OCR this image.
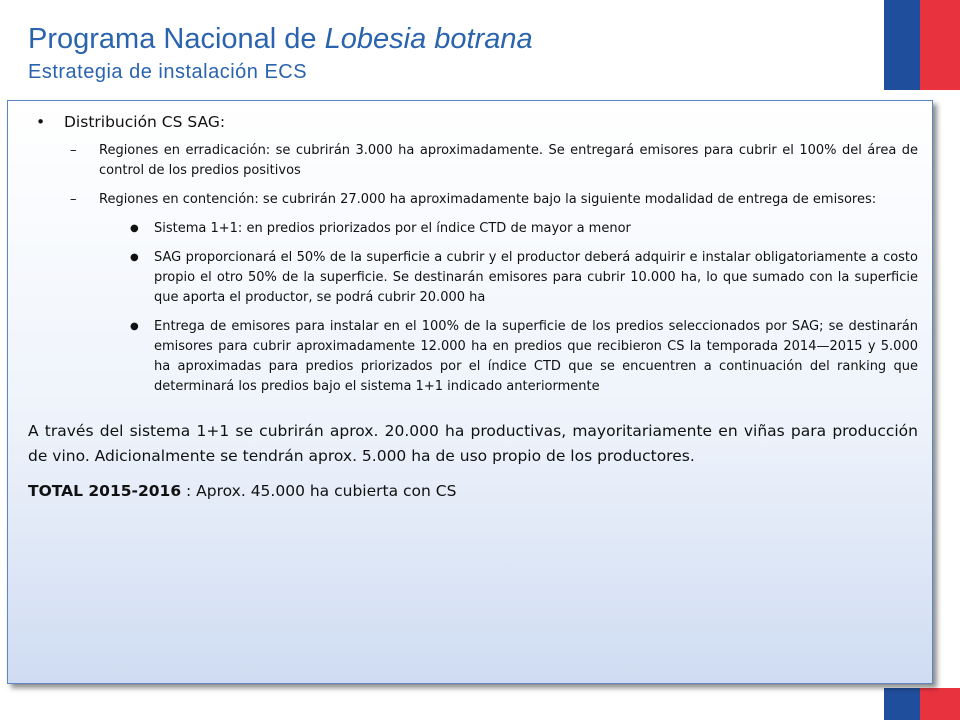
Programa Nacional de Lobesia botrana
Estrategia de instalación ECS
• Distribución CS SAG:
– Regiones en erradicación: se cubrirán 3.000 ha aproximadamente. Se entregará emisores para cubrir el 100% del área de control de los predios positivos
– Regiones en contención: se cubrirán 27.000 ha aproximadamente bajo la siguiente modalidad de entrega de emisores:
● Sistema 1+1: en predios priorizados por el índice CTD de mayor a menor
● SAG proporcionará el 50% de la superficie a cubrir y el productor deberá adquirir e instalar obligatoriamente a costo propio el otro 50% de la superficie. Se destinarán emisores para cubrir 10.000 ha, lo que sumado con la superficie que aporta el productor, se podrá cubrir 20.000 ha
● Entrega de emisores para instalar en el 100% de la superficie de los predios seleccionados por SAG; se destinarán emisores para cubrir aproximadamente 12.000 ha en predios que recibieron CS la temporada 2014—2015 y 5.000 ha aproximadas para predios priorizados por el índice CTD que se encuentren a continuación del ranking que determinará los predios bajo el sistema 1+1 indicado anteriormente
A través del sistema 1+1 se cubrirán aprox. 20.000 ha productivas, mayoritariamente en viñas para producción de vino. Adicionalmente se tendrán aprox. 5.000 ha de uso propio de los productores.
TOTAL 2015-2016 : Aprox. 45.000 ha cubierta con CS
